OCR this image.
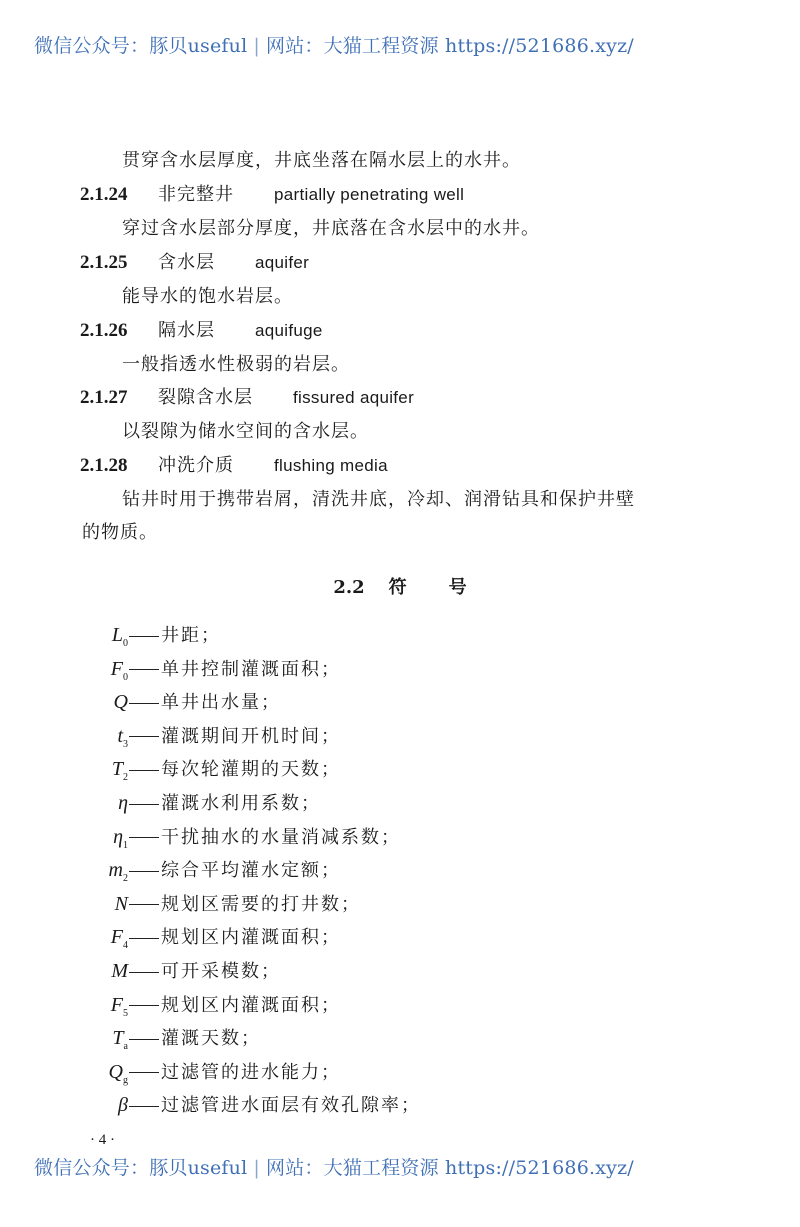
微信公众号：豚贝useful | 网站：大猫工程资源 https://521686.xyz/
贯穿含水层厚度，井底坐落在隔水层上的水井。
2.1.24 非完整井 partially penetrating well
穿过含水层部分厚度，井底落在含水层中的水井。
2.1.25 含水层 aquifer
能导水的饱水岩层。
2.1.26 隔水层 aquifuge
一般指透水性极弱的岩层。
2.1.27 裂隙含水层 fissured aquifer
以裂隙为储水空间的含水层。
2.1.28 冲洗介质 flushing media
钻井时用于携带岩屑，清洗井底，冷却、润滑钻具和保护井壁
的物质。
2.2 符 号
$L_0$ 井距；
$F_0$ 单井控制灌溉面积；
Q 单井出水量；
$t_3$ 灌溉期间开机时间；
$T_2$ 每次轮灌期的天数；
η 灌溉水利用系数；
$\eta_1$ 干扰抽水的水量消减系数；
$m_2$ 综合平均灌水定额；
N 规划区需要的打井数；
$F_4$ 规划区内灌溉面积；
M 可开采模数；
$F_5$ 规划区内灌溉面积；
$T_a$ 灌溉天数；
$Q_g$ 过滤管的进水能力；
β 过滤管进水面层有效孔隙率；
· 4 ·
微信公众号：豚贝useful | 网站：大猫工程资源 https://521686.xyz/
